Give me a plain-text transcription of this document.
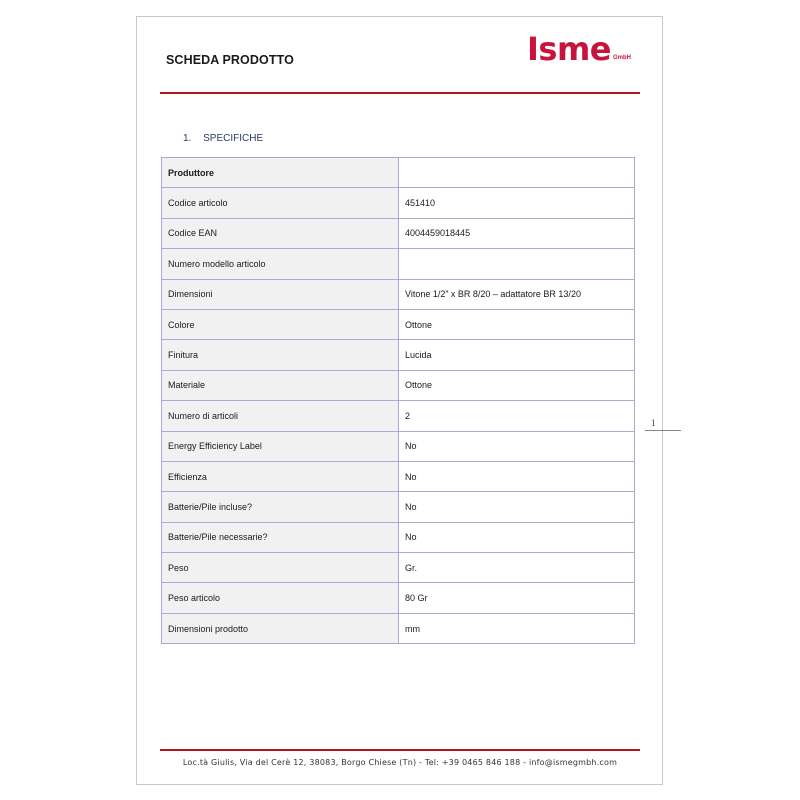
SCHEDA PRODOTTO	Isme GmbH
1. SPECIFICHE
Produttore	
Codice articolo	451410
Codice EAN	4004459018445
Numero modello articolo	
Dimensioni	Vitone 1/2” x BR 8/20 – adattatore BR 13/20
Colore	Ottone
Finitura	Lucida
Materiale	Ottone
Numero di articoli	2
Energy Efficiency Label	No
Efficienza	No
Batterie/Pile incluse?	No
Batterie/Pile necessarie?	No
Peso	Gr.
Peso articolo	80 Gr
Dimensioni prodotto	mm
1
Loc.tà Giulis, Via del Cerè 12, 38083, Borgo Chiese (Tn) - Tel: +39 0465 846 188 - info@ismegmbh.com
